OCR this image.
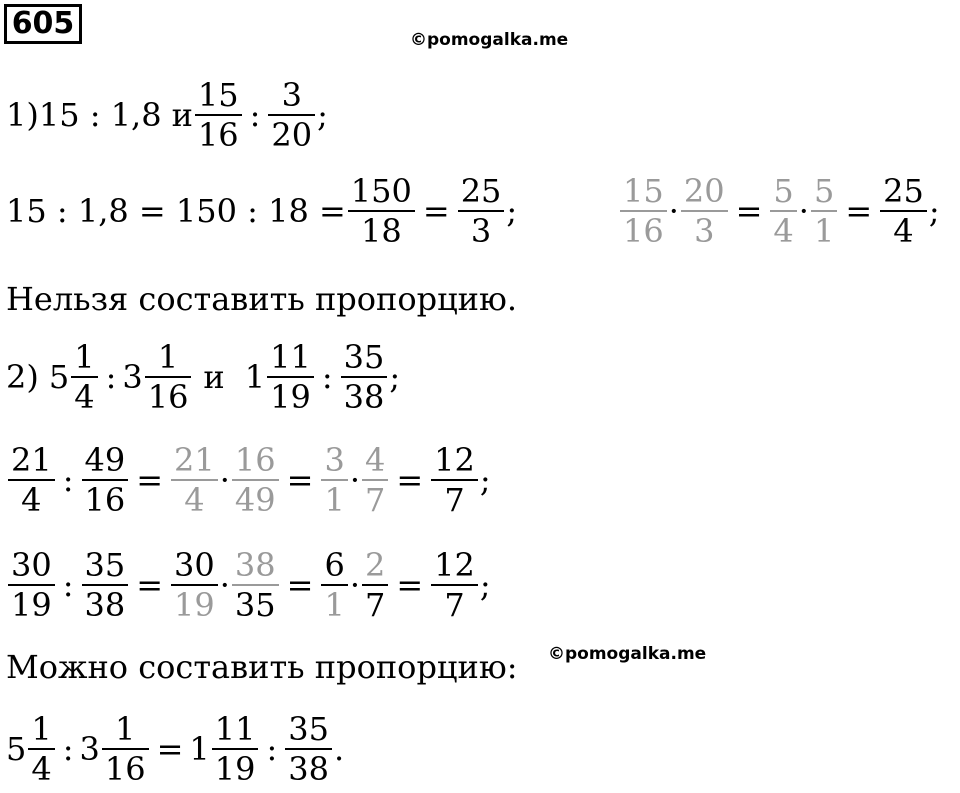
605	©pomogalka.me
1) 15 : 1,8 и $\frac{15}{16}$ : $\frac{3}{20}$ ;
15 : 1,8 = 150 : $18 = \frac{150}{18} = \frac{25}{3}$ ;	$\frac{15}{16} \cdot \frac{20}{3} = \frac{5}{4} \cdot \frac{5}{1} = \frac{25}{4}$ ;
Нельзя составить пропорцию.
2) $5 \frac{1}{4}$ : $3 \frac{1}{16}$ и $1 \frac{11}{19}$ : $\frac{35}{38}$ ;
$\frac{21}{4}$ : $\frac{49}{16} = \frac{21}{4} \cdot \frac{16}{49} = \frac{3}{1} \cdot \frac{4}{7} = \frac{12}{7}$ ;
$\frac{30}{19}$ : $\frac{35}{38} = \frac{30}{19} \cdot \frac{38}{35} = \frac{6}{1} \cdot \frac{2}{7} = \frac{12}{7}$ ;
©pomogalka.me
Можно составить пропорцию:
$5 \frac{1}{4}$ : $3 \frac{1}{16} = 1 \frac{11}{19}$ : $\frac{35}{38}$ .
